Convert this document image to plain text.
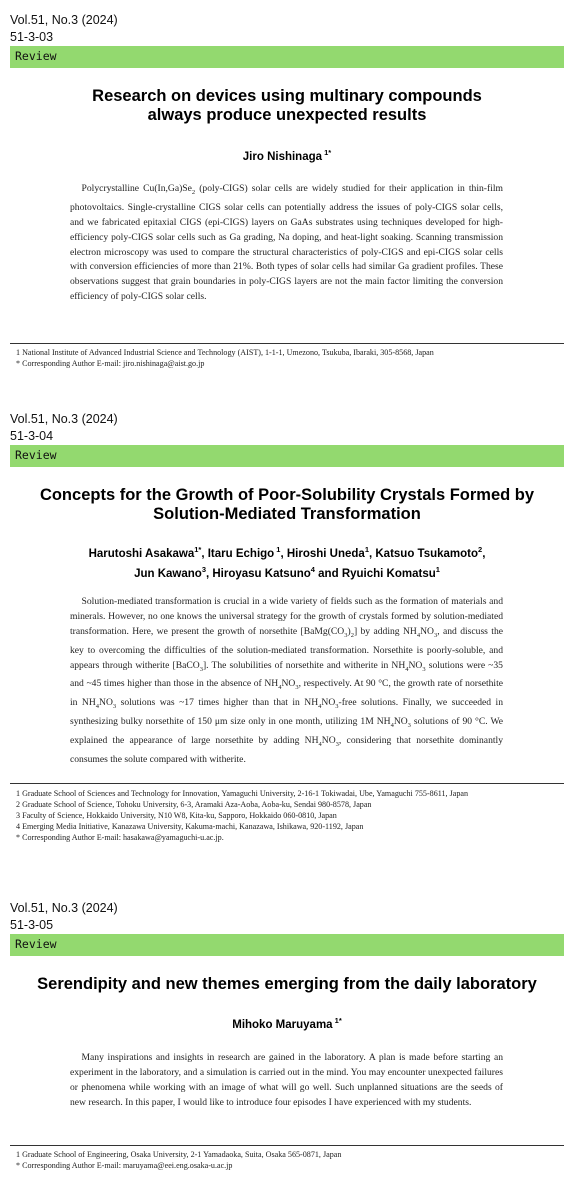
Vol.51, No.3 (2024)
51-3-03
Review
Research on devices using multinary compounds
always produce unexpected results
Jiro Nishinaga $^{1*}$
Polycrystalline $Cu(In,Ga)Se_2$ (poly-CIGS) solar cells are widely studied for their application in thin-film photovoltaics. Single-crystalline CIGS solar cells can potentially address the issues of poly-CIGS solar cells, and we fabricated epitaxial CIGS (epi-CIGS) layers on GaAs substrates using techniques developed for high-efficiency poly-CIGS solar cells such as Ga grading, Na doping, and heat-light soaking. Scanning transmission electron microscopy was used to compare the structural characteristics of poly-CIGS and epi-CIGS solar cells with conversion efficiencies of more than 21%. Both types of solar cells had similar Ga gradient profiles. These observations suggest that grain boundaries in poly-CIGS layers are not the main factor limiting the conversion efficiency of poly-CIGS solar cells.
1 National Institute of Advanced Industrial Science and Technology (AIST), 1-1-1, Umezono, Tsukuba, Ibaraki, 305-8568, Japan
* Corresponding Author E-mail: jiro.nishinaga@aist.go.jp
Vol.51, No.3 (2024)
51-3-04
Review
Concepts for the Growth of Poor-Solubility Crystals Formed by
Solution-Mediated Transformation
Harutoshi Asakawa$^{1*}$, Itaru Echigo $^1$, Hiroshi Uneda$^1$, Katsuo Tsukamoto$^2$,
Jun Kawano$^3$, Hiroyasu Katsuno$^4$ and Ryuichi Komatsu$^1$
Solution-mediated transformation is crucial in a wide variety of fields such as the formation of materials and minerals. However, no one knows the universal strategy for the growth of crystals formed by solution-mediated transformation. Here, we present the growth of norsethite $[BaMg(CO_3)_2]$ by adding $NH_4NO_3$, and discuss the key to overcoming the difficulties of the solution-mediated transformation. Norsethite is poorly-soluble, and appears through witherite [BaCO$_3$]. The solubilities of norsethite and witherite in $NH_4NO_3$ solutions were ~35 and ~45 times higher than those in the absence of $NH_4NO_3$, respectively. At 90 °C, the growth rate of norsethite in $NH_4NO_3$ solutions was ~17 times higher than that in $NH_4NO_3$-free solutions. Finally, we succeeded in synthesizing bulky norsethite of 150 μm size only in one month, utilizing 1M $NH_4NO_3$ solutions of 90 °C. We explained the appearance of large norsethite by adding $NH_4NO_3$, considering that norsethite dominantly consumes the solute compared with witherite.
1 Graduate School of Sciences and Technology for Innovation, Yamaguchi University, 2-16-1 Tokiwadai, Ube, Yamaguchi 755-8611, Japan
2 Graduate School of Science, Tohoku University, 6-3, Aramaki Aza-Aoba, Aoba-ku, Sendai 980-8578, Japan
3 Faculty of Science, Hokkaido University, N10 W8, Kita-ku, Sapporo, Hokkaido 060-0810, Japan
4 Emerging Media Initiative, Kanazawa University, Kakuma-machi, Kanazawa, Ishikawa, 920-1192, Japan
* Corresponding Author E-mail: hasakawa@yamaguchi-u.ac.jp.
Vol.51, No.3 (2024)
51-3-05
Review
Serendipity and new themes emerging from the daily laboratory
Mihoko Maruyama $^{1*}$
Many inspirations and insights in research are gained in the laboratory. A plan is made before starting an experiment in the laboratory, and a simulation is carried out in the mind. You may encounter unexpected failures or phenomena while working with an image of what will go well. Such unplanned situations are the seeds of new research. In this paper, I would like to introduce four episodes I have experienced with my students.
1 Graduate School of Engineering, Osaka University, 2-1 Yamadaoka, Suita, Osaka 565-0871, Japan
* Corresponding Author E-mail: maruyama@eei.eng.osaka-u.ac.jp
